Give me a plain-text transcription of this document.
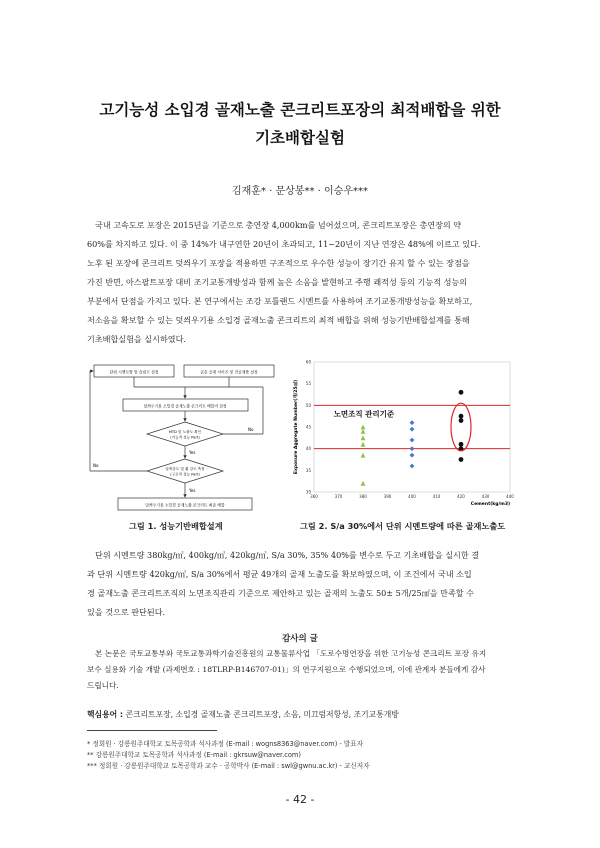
고기능성 소입경 골재노출 콘크리트포장의 최적배합을 위한
기초배합실험
김재훈* · 문상봉** · 이승우***
국내 고속도로 포장은 2015년을 기준으로 총연장 4,000km를 넘어섰으며, 콘크리트포장은 총연장의 약
60%를 차지하고 있다. 이 중 14%가 내구연한 20년이 초과되고, 11~20년이 지난 연장은 48%에 이르고 있다.
노후 된 포장에 콘크리트 덧씌우기 포장을 적용하면 구조적으로 우수한 성능이 장기간 유지 할 수 있는 장점을
가진 반면, 아스팔트포장 대비 조기교통개방성과 함께 높은 소음을 발현하고 주행 쾌적성 등의 기능적 성능의
부분에서 단점을 가지고 있다. 본 연구에서는 조강 포틀랜드 시멘트를 사용하여 조기교통개방성능을 확보하고,
저소음을 확보할 수 있는 덧씌우기용 소입경 골재노출 콘크리트의 최적 배합을 위해 성능기반배합설계를 통해
기초배합실험을 실시하였다.
단위 시멘트양 및 슬럼프 설정	굵은 골재 사이즈 및 잔골재율 설정
덧씌우기용 소입경 골재노출 콘크리트 배합비 설정
MTD 및 노출도 확인
(기능적 성능 Part)
압축강도 및 휨 강도 측정
(구조적 성능 Part)
덧씌우기용 소입경 골재노출 콘크리트 최종 배합
Yes
Yes
No
No
그림 1. 성능기반배합설계
30
35
40
45
50
55
60
360	370	380	390	400	410	420	430	440
노면조직 관리기준
Cement(kg/m3)
Exposure Aggregate Number(개/25㎠)
그림 2. S/a 30%에서 단위 시멘트량에 따른 골재노출도
단위 시멘트량 380kg/㎥, 400kg/㎥, 420kg/㎥, S/a 30%, 35% 40%를 변수로 두고 기초배합을 실시한 결
과 단위 시멘트량 420kg/㎥, S/a 30%에서 평균 49개의 골재 노출도를 확보하였으며, 이 조건에서 국내 소입
경 골재노출 콘크리트조직의 노면조직관리 기준으로 제안하고 있는 골재의 노출도 50± 5개/25㎠을 만족할 수
있을 것으로 판단된다.
감사의 글
본 논문은 국토교통부와 국토교통과학기술진흥원의 교통물류사업 「도로수명연장을 위한 고기능성 콘크리트 포장 유지
보수 실용화 기술 개발 (과제번호 : 18TLRP-B146707-01)」의 연구지원으로 수행되었으며, 이에 관계자 분들에게 감사
드립니다.
핵심용어 : 콘크리트포장, 소입경 골재노출 콘크리트포장, 소음, 미끄럼저항성, 조기교통개방
* 정회원 · 강릉원주대학교 토목공학과 석사과정 (E-mail : wogns8363@naver.com) - 발표자
** 강릉원주대학교 토목공학과 석사과정 (E-mail : gkrsuw@naver.com)
*** 정회원 · 강릉원주대학교 토목공학과 교수 · 공학박사 (E-mail : swl@gwnu.ac.kr) - 교신저자
- 42 -
